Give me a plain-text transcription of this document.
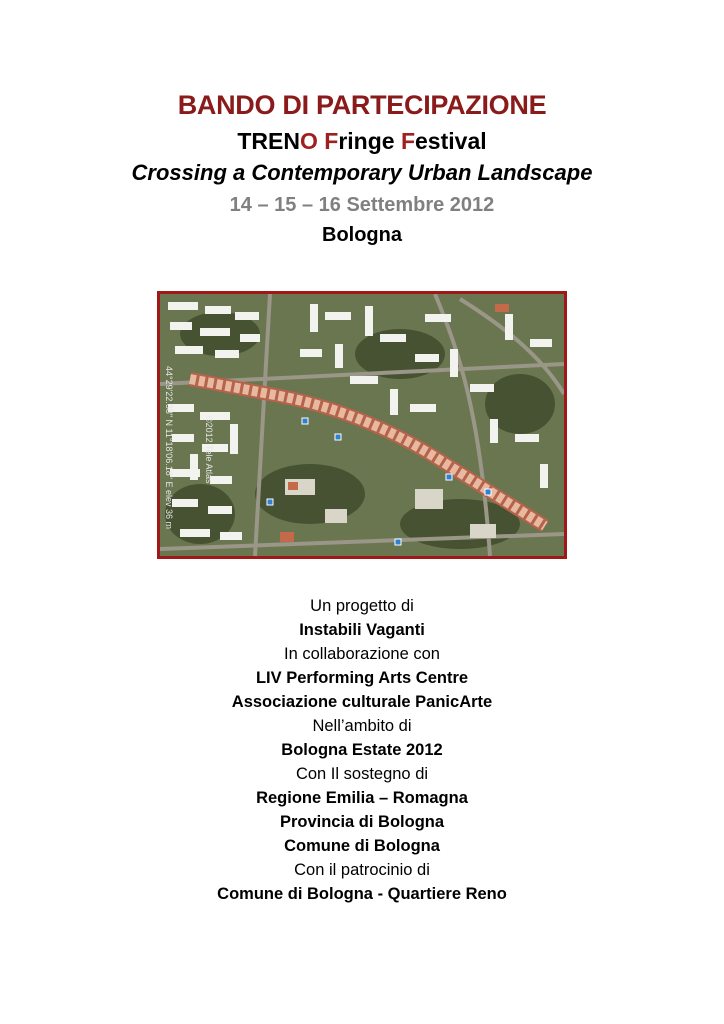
BANDO DI PARTECIPAZIONE

TRENO Fringe Festival

Crossing a Contemporary Urban Landscape

14 – 15 – 16 Settembre 2012

Bologna

©2012 Tele Atlas
44°29'22.38" N 11°18'06.18" E elev 36 m

Un progetto di

Instabili Vaganti

In collaborazione con

LIV Performing Arts Centre

Associazione culturale PanicArte

Nell’ambito di

Bologna Estate 2012

Con Il sostegno di

Regione Emilia – Romagna

Provincia di Bologna

Comune di Bologna

Con il patrocinio di

Comune di Bologna - Quartiere Reno
